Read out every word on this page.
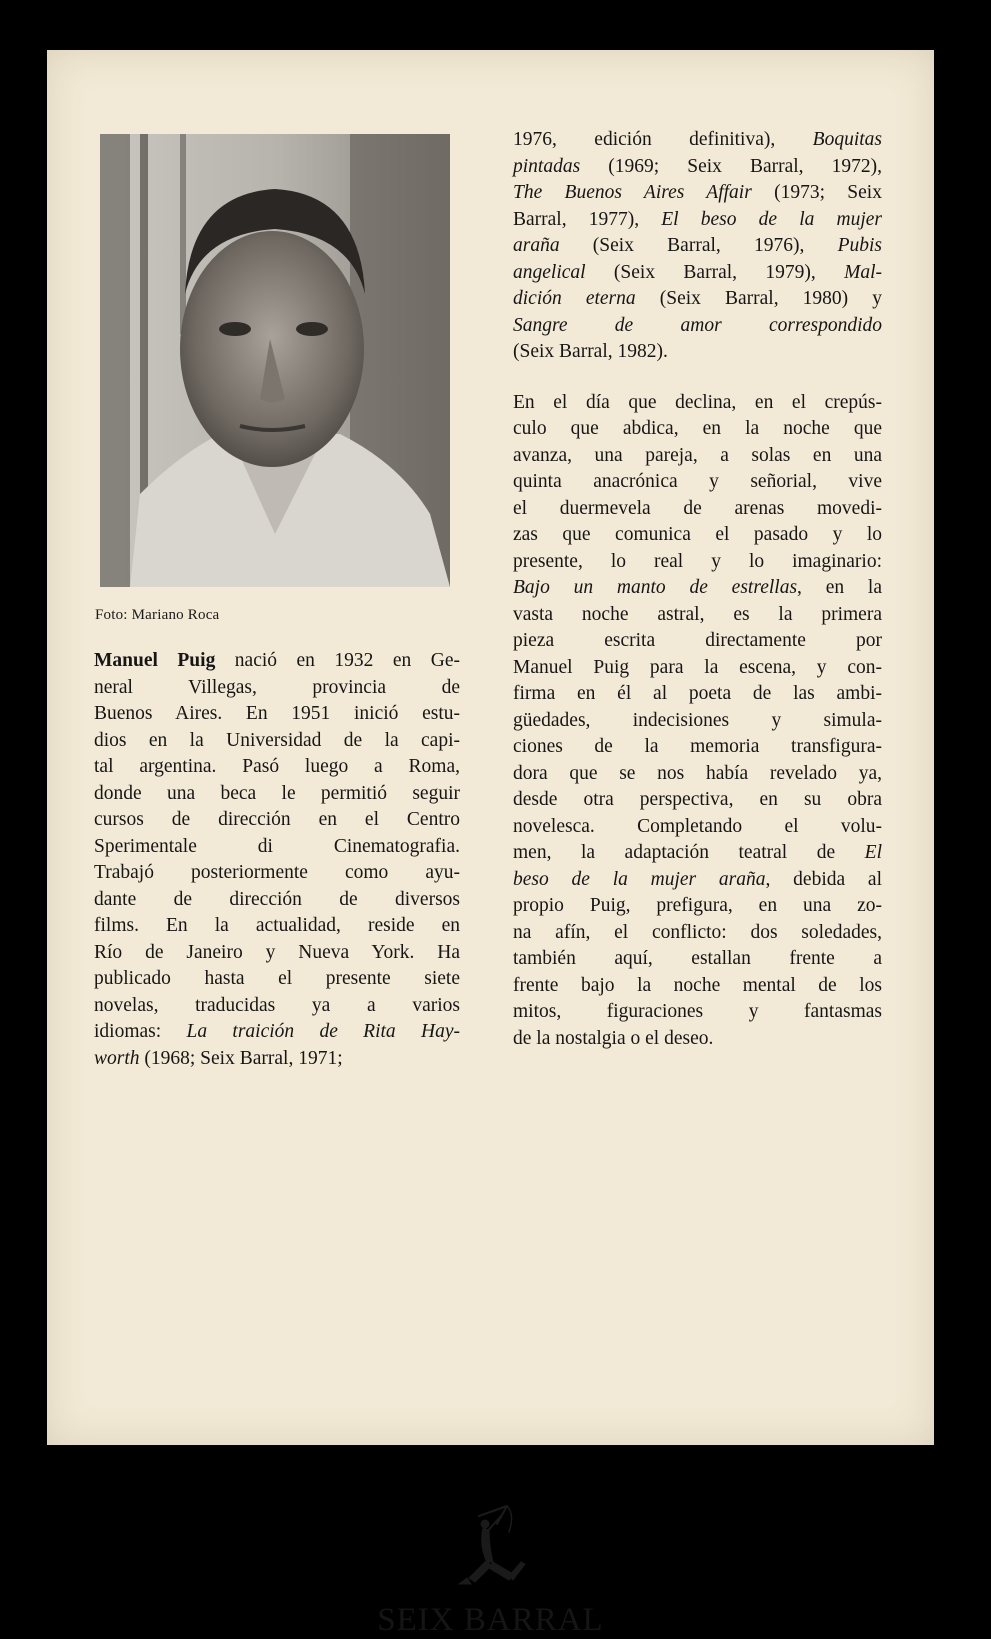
Foto: Mariano Roca
Manuel Puig nació en 1932 en Ge-
neral Villegas, provincia de
Buenos Aires. En 1951 inició estu-
dios en la Universidad de la capi-
tal argentina. Pasó luego a Roma,
donde una beca le permitió seguir
cursos de dirección en el Centro
Sperimentale di Cinematografia.
Trabajó posteriormente como ayu-
dante de dirección de diversos
films. En la actualidad, reside en
Río de Janeiro y Nueva York. Ha
publicado hasta el presente siete
novelas, traducidas ya a varios
idiomas: La traición de Rita Hay-
worth (1968; Seix Barral, 1971;
1976, edición definitiva), Boquitas
pintadas (1969; Seix Barral, 1972),
The Buenos Aires Affair (1973; Seix
Barral, 1977), El beso de la mujer
araña (Seix Barral, 1976), Pubis
angelical (Seix Barral, 1979), Mal-
dición eterna (Seix Barral, 1980) y
Sangre de amor correspondido
(Seix Barral, 1982).
En el día que declina, en el crepús-
culo que abdica, en la noche que
avanza, una pareja, a solas en una
quinta anacrónica y señorial, vive
el duermevela de arenas movedi-
zas que comunica el pasado y lo
presente, lo real y lo imaginario:
Bajo un manto de estrellas, en la
vasta noche astral, es la primera
pieza escrita directamente por
Manuel Puig para la escena, y con-
firma en él al poeta de las ambi-
güedades, indecisiones y simula-
ciones de la memoria transfigura-
dora que se nos había revelado ya,
desde otra perspectiva, en su obra
novelesca. Completando el volu-
men, la adaptación teatral de El
beso de la mujer araña, debida al
propio Puig, prefigura, en una zo-
na afín, el conflicto: dos soledades,
también aquí, estallan frente a
frente bajo la noche mental de los
mitos, figuraciones y fantasmas
de la nostalgia o el deseo.
SEIX BARRAL
